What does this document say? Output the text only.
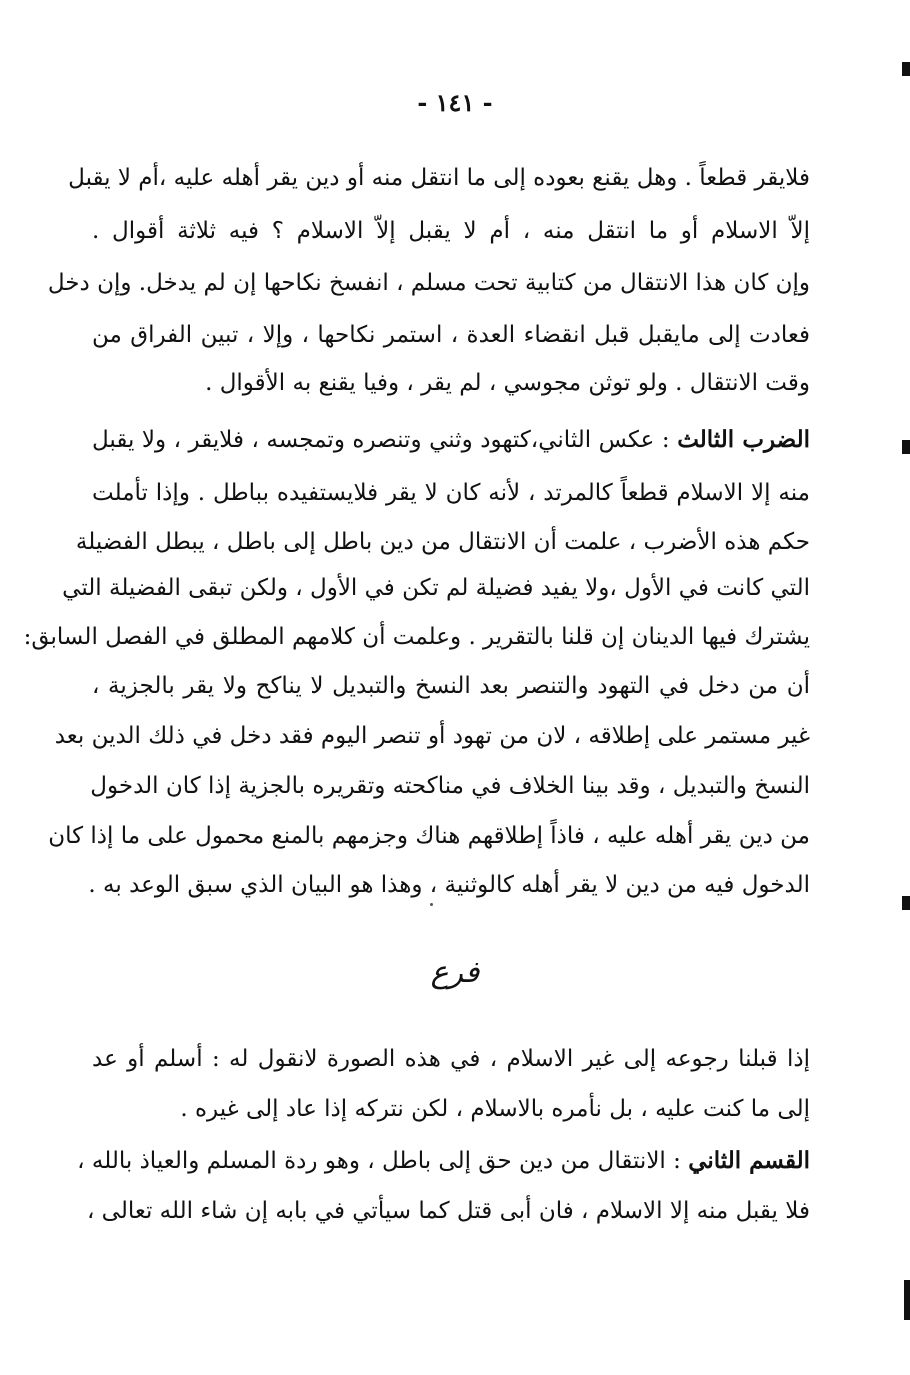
- ١٤١ -
فلايقر قطعاً . وهل يقنع بعوده إلى ما انتقل منه أو دين يقر أهله عليه ،أم لا يقبل
إلاّ الاسلام أو ما انتقل منه ، أم لا يقبل إلاّ الاسلام ؟ فيه ثلاثة أقوال .
وإن كان هذا الانتقال من كتابية تحت مسلم ، انفسخ نكاحها إن لم يدخل. وإن دخل
فعادت إلى مايقبل قبل انقضاء العدة ، استمر نكاحها ، وإلا ، تبين الفراق من
وقت الانتقال . ولو توثن مجوسي ، لم يقر ، وفيا يقنع به الأقوال .
الضرب الثالث : عكس الثاني،كتهود وثني وتنصره وتمجسه ، فلايقر ، ولا يقبل
منه إلا الاسلام قطعاً كالمرتد ، لأنه كان لا يقر فلايستفيده بباطل . وإذا تأملت
حكم هذه الأضرب ، علمت أن الانتقال من دين باطل إلى باطل ، يبطل الفضيلة
التي كانت في الأول ،ولا يفيد فضيلة لم تكن في الأول ، ولكن تبقى الفضيلة التي
يشترك فيها الدينان إن قلنا بالتقرير . وعلمت أن كلامهم المطلق في الفصل السابق:
أن من دخل في التهود والتنصر بعد النسخ والتبديل لا يناكح ولا يقر بالجزية ،
غير مستمر على إطلاقه ، لان من تهود أو تنصر اليوم فقد دخل في ذلك الدين بعد
النسخ والتبديل ، وقد بينا الخلاف في مناكحته وتقريره بالجزية إذا كان الدخول
من دين يقر أهله عليه ، فاذاً إطلاقهم هناك وجزمهم بالمنع محمول على ما إذا كان
الدخول فيه من دين لا يقر أهله كالوثنية ، وهذا هو البيان الذي سبق الوعد به .
فرع
إذا قبلنا رجوعه إلى غير الاسلام ، في هذه الصورة لانقول له : أسلم أو عد
إلى ما كنت عليه ، بل نأمره بالاسلام ، لكن نتركه إذا عاد إلى غيره .
القسم الثاني : الانتقال من دين حق إلى باطل ، وهو ردة المسلم والعياذ بالله ،
فلا يقبل منه إلا الاسلام ، فان أبى قتل كما سيأتي في بابه إن شاء الله تعالى ،
